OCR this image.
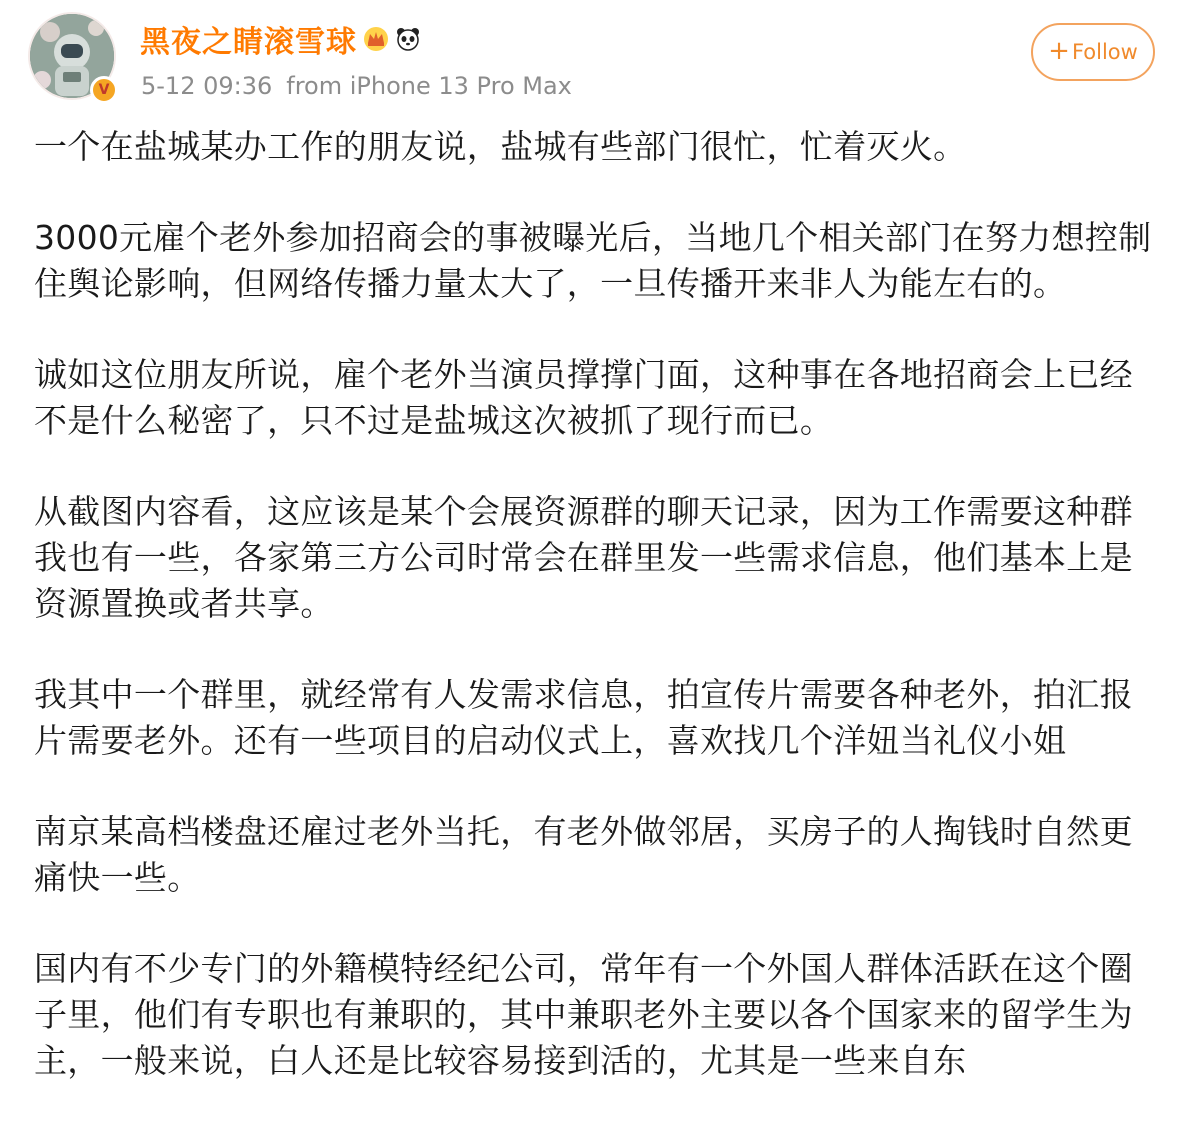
V
黑夜之睛滚雪球
5-12 09:36 from iPhone 13 Pro Max
+ Follow

一个在盐城某办工作的朋友说，盐城有些部门很忙，忙着灭火。

3000元雇个老外参加招商会的事被曝光后，当地几个相关部门在努力想控制住舆论影响，但网络传播力量太大了，一旦传播开来非人为能左右的。

诚如这位朋友所说，雇个老外当演员撑撑门面，这种事在各地招商会上已经不是什么秘密了，只不过是盐城这次被抓了现行而已。

从截图内容看，这应该是某个会展资源群的聊天记录，因为工作需要这种群我也有一些，各家第三方公司时常会在群里发一些需求信息，他们基本上是资源置换或者共享。

我其中一个群里，就经常有人发需求信息，拍宣传片需要各种老外，拍汇报片需要老外。还有一些项目的启动仪式上，喜欢找几个洋妞当礼仪小姐

南京某高档楼盘还雇过老外当托，有老外做邻居，买房子的人掏钱时自然更痛快一些。

国内有不少专门的外籍模特经纪公司，常年有一个外国人群体活跃在这个圈子里，他们有专职也有兼职的，其中兼职老外主要以各个国家来的留学生为主，一般来说，白人还是比较容易接到活的，尤其是一些来自东
